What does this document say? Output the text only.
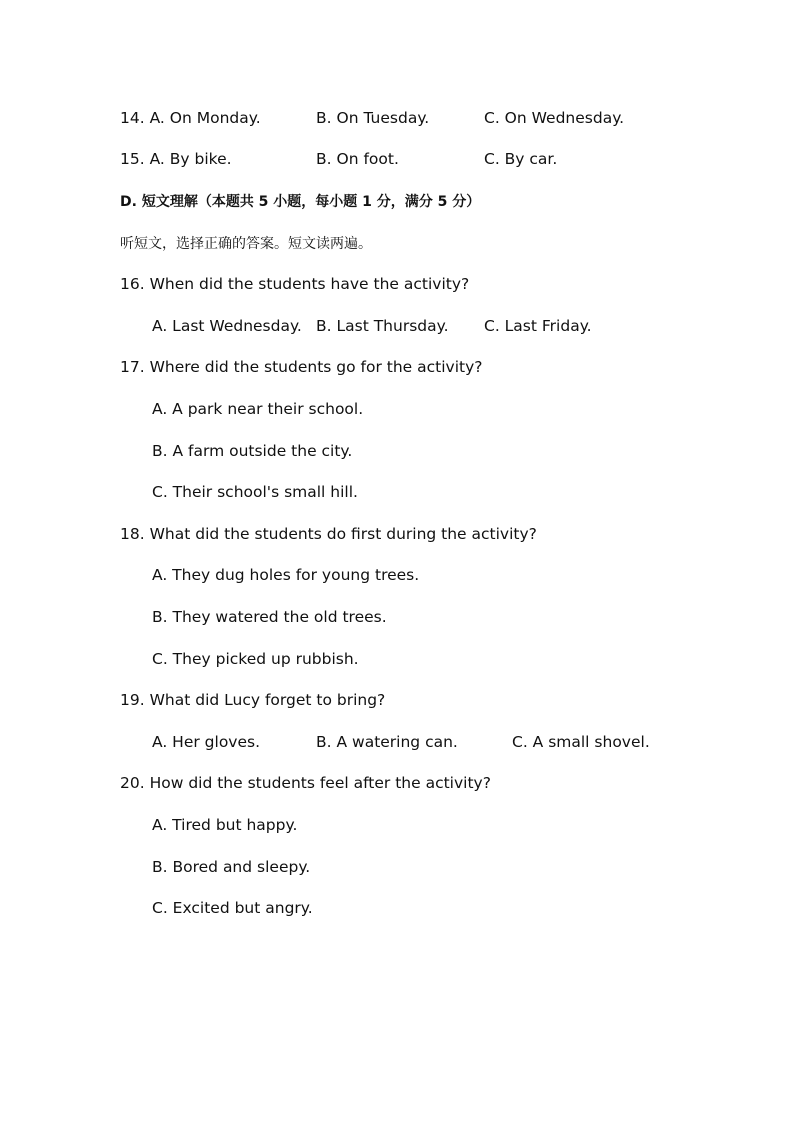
14. A. On Monday.	B. On Tuesday.	C. On Wednesday.
15. A. By bike.	B. On foot.	C. By car.
D. 短文理解（本题共 5 小题，每小题 1 分，满分 5 分）
听短文，选择正确的答案。短文读两遍。
16. When did the students have the activity?
A. Last Wednesday. B. Last Thursday. C. Last Friday.
17. Where did the students go for the activity?
A. A park near their school.
B. A farm outside the city.
C. Their school's small hill.
18. What did the students do first during the activity?
A. They dug holes for young trees.
B. They watered the old trees.
C. They picked up rubbish.
19. What did Lucy forget to bring?
A. Her gloves.	B. A watering can.	C. A small shovel.
20. How did the students feel after the activity?
A. Tired but happy.
B. Bored and sleepy.
C. Excited but angry.
